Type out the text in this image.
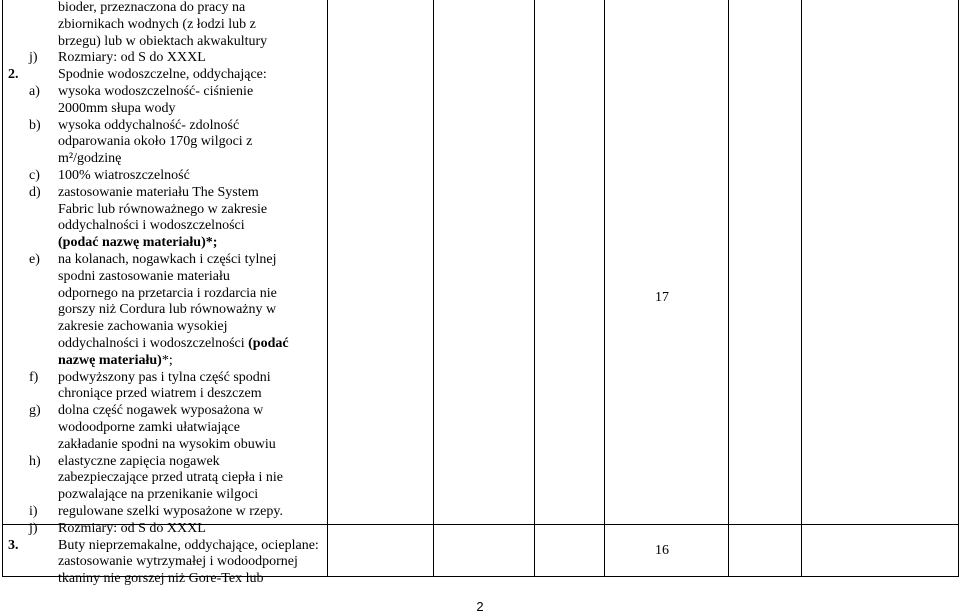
bioder, przeznaczona do pracy na
zbiornikach wodnych (z łodzi lub z
brzegu) lub w obiektach akwakultury
j) Rozmiary: od S do XXXL
2.	Spodnie wodoszczelne, oddychające:
a) wysoka wodoszczelność- ciśnienie
2000mm słupa wody
b) wysoka oddychalność- zdolność
odparowania około 170g wilgoci z
m²/godzinę
c) 100% wiatroszczelność
d) zastosowanie materiału The System
Fabric lub równoważnego w zakresie
oddychalności i wodoszczelności
(podać nazwę materiału)*;
e) na kolanach, nogawkach i części tylnej
spodni zastosowanie materiału
odpornego na przetarcia i rozdarcia nie
gorszy niż Cordura lub równoważny w
zakresie zachowania wysokiej
oddychalności i wodoszczelności (podać
nazwę materiału)*;
f) podwyższony pas i tylna część spodni
chroniące przed wiatrem i deszczem
g) dolna część nogawek wyposażona w
wodoodporne zamki ułatwiające
zakładanie spodni na wysokim obuwiu
h) elastyczne zapięcia nogawek
zabezpieczające przed utratą ciepła i nie
pozwalające na przenikanie wilgoci
i) regulowane szelki wyposażone w rzepy.
j) Rozmiary: od S do XXXL
3.	Buty nieprzemakalne, oddychające, ocieplane:
zastosowanie wytrzymałej i wodoodpornej
tkaniny nie gorszej niż Gore-Tex lub
17
16
2
